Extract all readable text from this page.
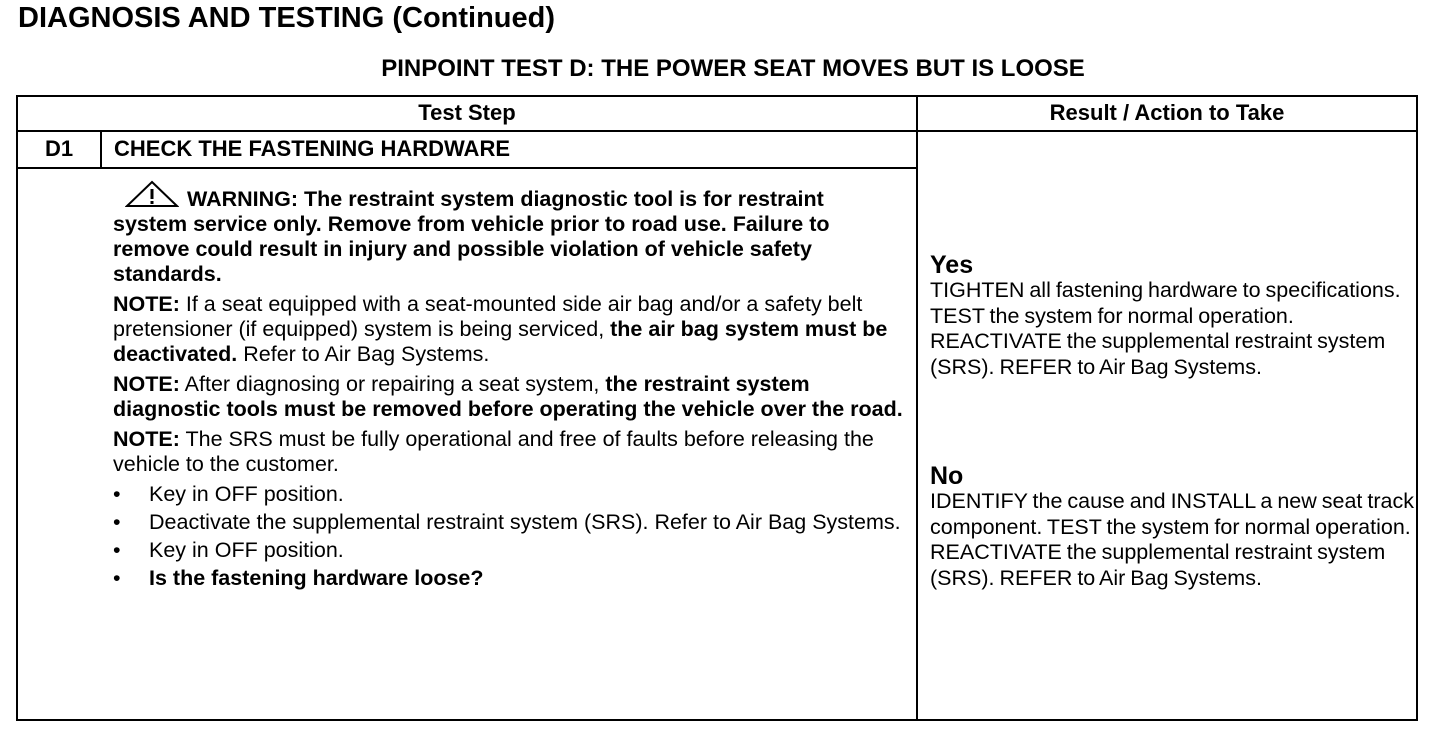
DIAGNOSIS AND TESTING (Continued)
PINPOINT TEST D: THE POWER SEAT MOVES BUT IS LOOSE
Test Step	Result / Action to Take
D1	CHECK THE FASTENING HARDWARE

WARNING: The restraint system diagnostic tool is for restraint system service only. Remove from vehicle prior to road use. Failure to remove could result in injury and possible violation of vehicle safety standards.

NOTE: If a seat equipped with a seat-mounted side air bag and/or a safety belt pretensioner (if equipped) system is being serviced, the air bag system must be deactivated. Refer to Air Bag Systems.

NOTE: After diagnosing or repairing a seat system, the restraint system diagnostic tools must be removed before operating the vehicle over the road.

NOTE: The SRS must be fully operational and free of faults before releasing the vehicle to the customer.

• Key in OFF position.
• Deactivate the supplemental restraint system (SRS). Refer to Air Bag Systems.
• Key in OFF position.
• Is the fastening hardware loose?
Yes
TIGHTEN all fastening hardware to specifications. TEST the system for normal operation. REACTIVATE the supplemental restraint system (SRS). REFER to Air Bag Systems.
No
IDENTIFY the cause and INSTALL a new seat track component. TEST the system for normal operation. REACTIVATE the supplemental restraint system (SRS). REFER to Air Bag Systems.
